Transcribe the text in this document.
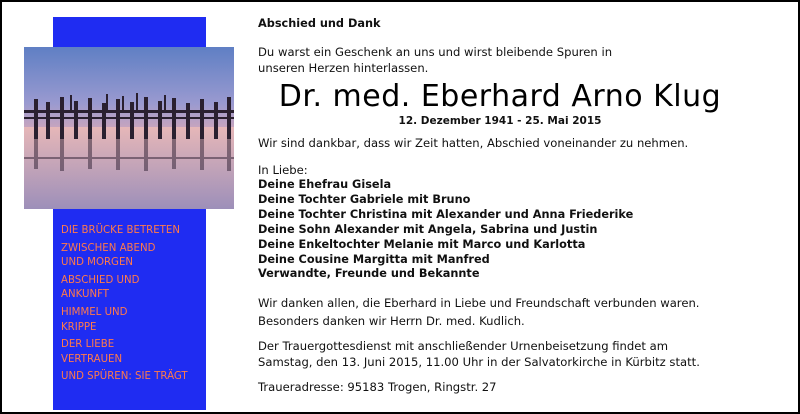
DIE BRÜCKE BETRETEN
ZWISCHEN ABEND
UND MORGEN
ABSCHIED UND
ANKUNFT
HIMMEL UND
KRIPPE
DER LIEBE
VERTRAUEN
UND SPÜREN: SIE TRÄGT
Abschied und Dank
Du warst ein Geschenk an uns und wirst bleibende Spuren in
unseren Herzen hinterlassen.
Dr. med. Eberhard Arno Klug
12. Dezember 1941 - 25. Mai 2015
Wir sind dankbar, dass wir Zeit hatten, Abschied voneinander zu nehmen.
In Liebe:
Deine Ehefrau Gisela
Deine Tochter Gabriele mit Bruno
Deine Tochter Christina mit Alexander und Anna Friederike
Deine Sohn Alexander mit Angela, Sabrina und Justin
Deine Enkeltochter Melanie mit Marco und Karlotta
Deine Cousine Margitta mit Manfred
Verwandte, Freunde und Bekannte
Wir danken allen, die Eberhard in Liebe und Freundschaft verbunden waren.
Besonders danken wir Herrn Dr. med. Kudlich.
Der Trauergottesdienst mit anschließender Urnenbeisetzung findet am
Samstag, den 13. Juni 2015, 11.00 Uhr in der Salvatorkirche in Kürbitz statt.
Traueradresse: 95183 Trogen, Ringstr. 27
